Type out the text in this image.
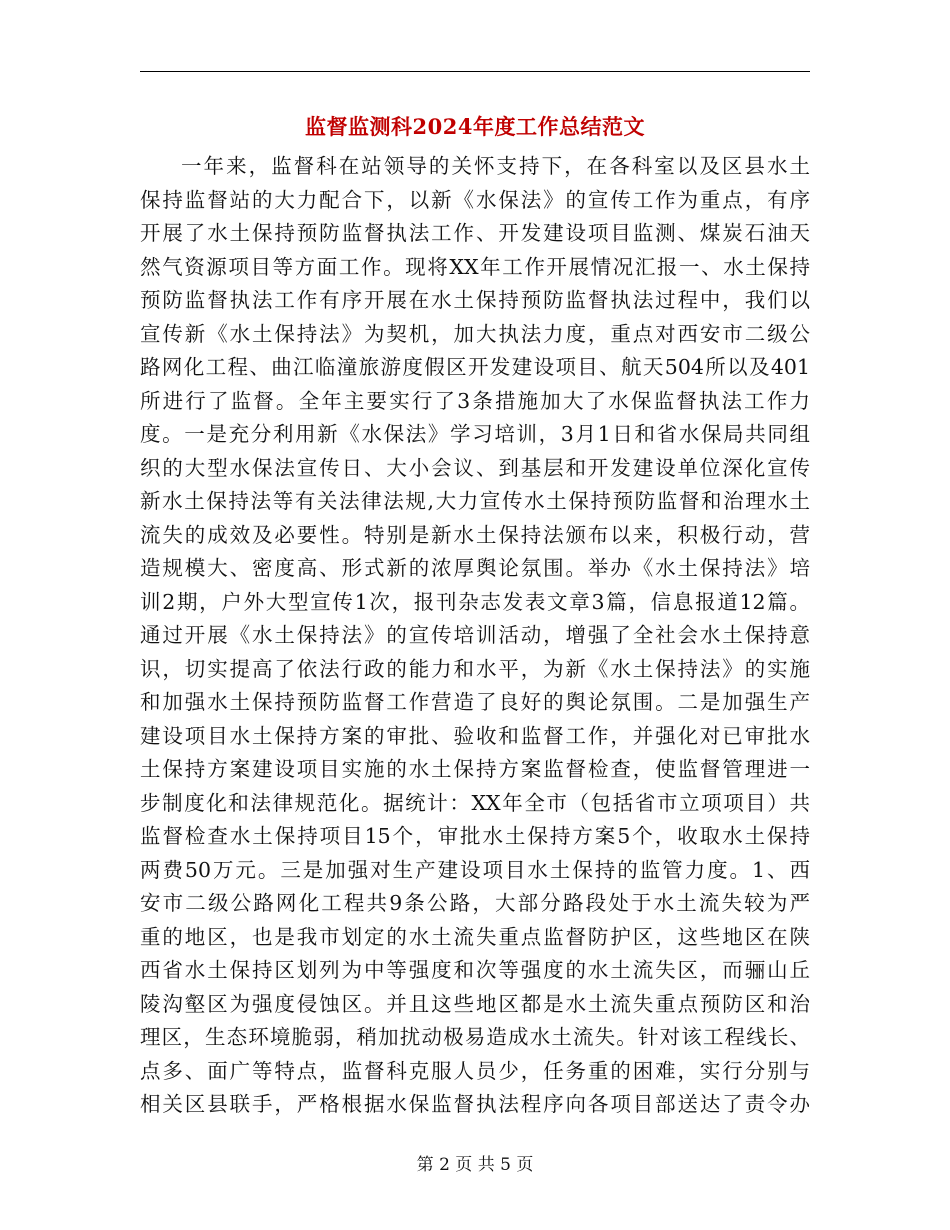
监督监测科2024年度工作总结范文
一年来，监督科在站领导的关怀支持下，在各科室以及区县水土
保持监督站的大力配合下，以新《水保法》的宣传工作为重点，有序
开展了水土保持预防监督执法工作、开发建设项目监测、煤炭石油天
然气资源项目等方面工作。现将XX年工作开展情况汇报一、水土保持
预防监督执法工作有序开展在水土保持预防监督执法过程中，我们以
宣传新《水土保持法》为契机，加大执法力度，重点对西安市二级公
路网化工程、曲江临潼旅游度假区开发建设项目、航天504所以及401
所进行了监督。全年主要实行了3条措施加大了水保监督执法工作力
度。一是充分利用新《水保法》学习培训，3月1日和省水保局共同组
织的大型水保法宣传日、大小会议、到基层和开发建设单位深化宣传
新水土保持法等有关法律法规,大力宣传水土保持预防监督和治理水土
流失的成效及必要性。特别是新水土保持法颁布以来，积极行动，营
造规模大、密度高、形式新的浓厚舆论氛围。举办《水土保持法》培
训2期，户外大型宣传1次，报刊杂志发表文章3篇，信息报道12篇。
通过开展《水土保持法》的宣传培训活动，增强了全社会水土保持意
识，切实提高了依法行政的能力和水平，为新《水土保持法》的实施
和加强水土保持预防监督工作营造了良好的舆论氛围。二是加强生产
建设项目水土保持方案的审批、验收和监督工作，并强化对已审批水
土保持方案建设项目实施的水土保持方案监督检查，使监督管理进一
步制度化和法律规范化。据统计：XX年全市（包括省市立项项目）共
监督检查水土保持项目15个，审批水土保持方案5个，收取水土保持
两费50万元。三是加强对生产建设项目水土保持的监管力度。1、西
安市二级公路网化工程共9条公路，大部分路段处于水土流失较为严
重的地区，也是我市划定的水土流失重点监督防护区，这些地区在陕
西省水土保持区划列为中等强度和次等强度的水土流失区，而骊山丘
陵沟壑区为强度侵蚀区。并且这些地区都是水土流失重点预防区和治
理区，生态环境脆弱，稍加扰动极易造成水土流失。针对该工程线长、
点多、面广等特点，监督科克服人员少，任务重的困难，实行分别与
相关区县联手，严格根据水保监督执法程序向各项目部送达了责令办
第 2 页 共 5 页
